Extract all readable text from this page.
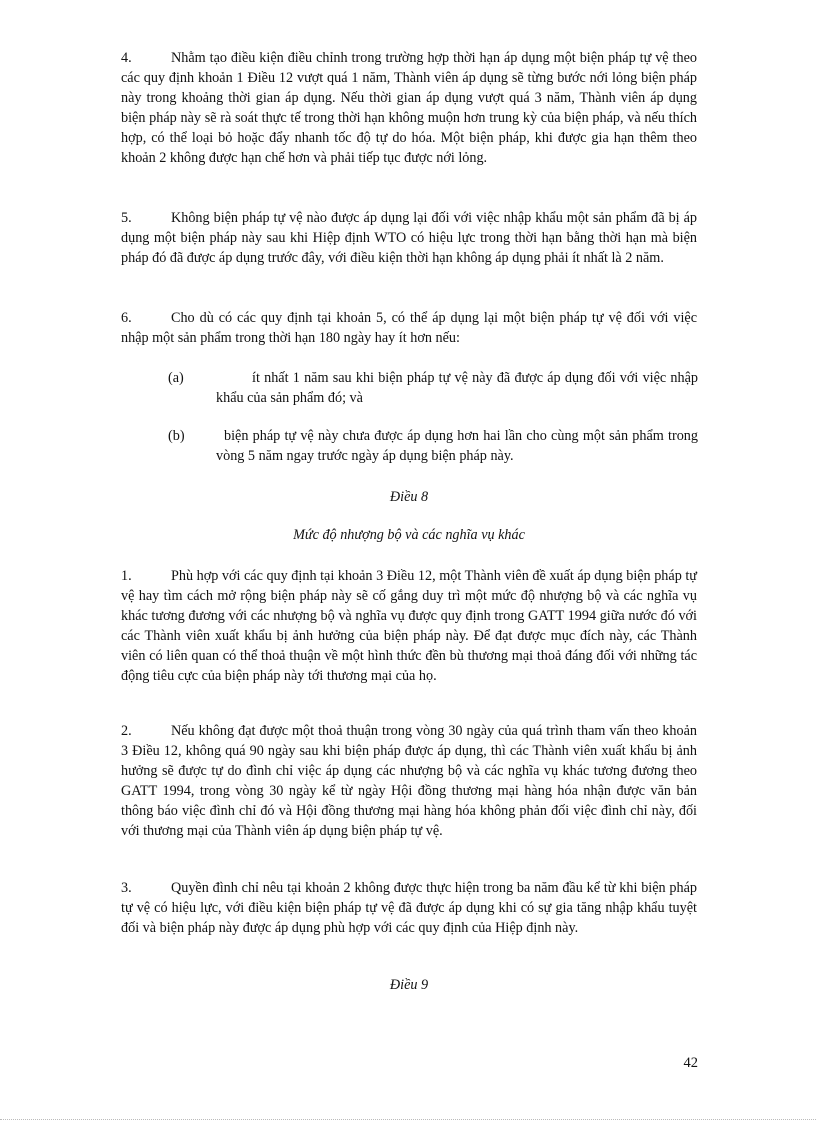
4.	Nhằm tạo điều kiện điều chỉnh trong trường hợp thời hạn áp dụng một biện pháp tự vệ theo các quy định khoản 1 Điều 12 vượt quá 1 năm, Thành viên áp dụng sẽ từng bước nới lỏng biện pháp này trong khoảng thời gian áp dụng. Nếu thời gian áp dụng vượt quá 3 năm, Thành viên áp dụng biện pháp này sẽ rà soát thực tế trong thời hạn không muộn hơn trung kỳ của biện pháp, và nếu thích hợp, có thể loại bỏ hoặc đẩy nhanh tốc độ tự do hóa. Một biện pháp, khi được gia hạn thêm theo khoản 2 không được hạn chế hơn và phải tiếp tục được nới lỏng.

5.	Không biện pháp tự vệ nào được áp dụng lại đối với việc nhập khẩu một sản phẩm đã bị áp dụng một biện pháp này sau khi Hiệp định WTO có hiệu lực trong thời hạn bằng thời hạn mà biện pháp đó đã được áp dụng trước đây, với điều kiện thời hạn không áp dụng phải ít nhất là 2 năm.

6.	Cho dù có các quy định tại khoản 5, có thể áp dụng lại một biện pháp tự vệ đối với việc nhập một sản phẩm trong thời hạn 180 ngày hay ít hơn nếu:

(a)	ít nhất 1 năm sau khi biện pháp tự vệ này đã được áp dụng đối với việc nhập khẩu của sản phẩm đó; và
(b)	biện pháp tự vệ này chưa được áp dụng hơn hai lần cho cùng một sản phẩm trong vòng 5 năm ngay trước ngày áp dụng biện pháp này.

Điều 8

Mức độ nhượng bộ và các nghĩa vụ khác

1.	Phù hợp với các quy định tại khoản 3 Điều 12, một Thành viên đề xuất áp dụng biện pháp tự vệ hay tìm cách mở rộng biện pháp này sẽ cố gắng duy trì một mức độ nhượng bộ và các nghĩa vụ khác tương đương với các nhượng bộ và nghĩa vụ được quy định trong GATT 1994 giữa nước đó với các Thành viên xuất khẩu bị ảnh hưởng của biện pháp này. Để đạt được mục đích này, các Thành viên có liên quan có thể thoả thuận về một hình thức đền bù thương mại thoả đáng đối với những tác động tiêu cực của biện pháp này tới thương mại của họ.

2.	Nếu không đạt được một thoả thuận trong vòng 30 ngày của quá trình tham vấn theo khoản 3 Điều 12, không quá 90 ngày sau khi biện pháp được áp dụng, thì các Thành viên xuất khẩu bị ảnh hưởng sẽ được tự do đình chỉ việc áp dụng các nhượng bộ và các nghĩa vụ khác tương đương theo GATT 1994, trong vòng 30 ngày kể từ ngày Hội đồng thương mại hàng hóa nhận được văn bản thông báo việc đình chỉ đó và Hội đồng thương mại hàng hóa không phản đối việc đình chỉ này, đối với thương mại của Thành viên áp dụng biện pháp tự vệ.

3.	Quyền đình chỉ nêu tại khoản 2 không được thực hiện trong ba năm đầu kể từ khi biện pháp tự vệ có hiệu lực, với điều kiện biện pháp tự vệ đã được áp dụng khi có sự gia tăng nhập khẩu tuyệt đối và biện pháp này được áp dụng phù hợp với các quy định của Hiệp định này.

Điều 9

42
